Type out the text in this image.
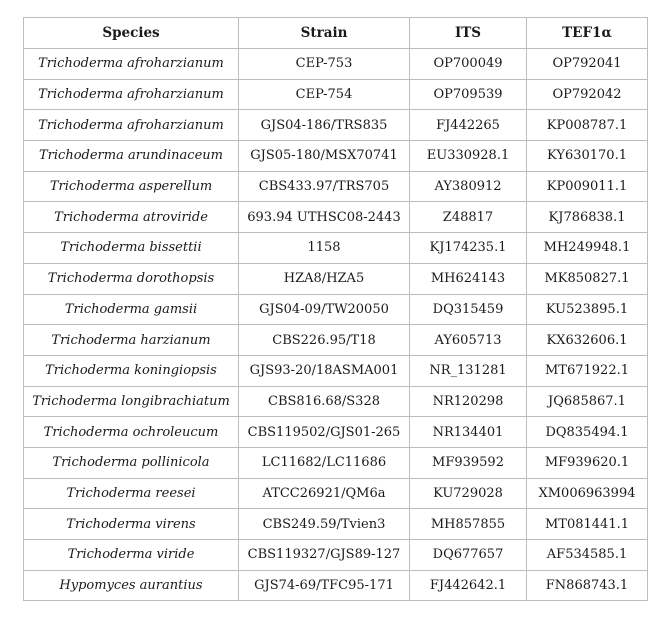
Species	Strain	ITS	TEF1α
Trichoderma afroharzianum	CEP-753	OP700049	OP792041
Trichoderma afroharzianum	CEP-754	OP709539	OP792042
Trichoderma afroharzianum	GJS04-186/TRS835	FJ442265	KP008787.1
Trichoderma arundinaceum	GJS05-180/MSX70741	EU330928.1	KY630170.1
Trichoderma asperellum	CBS433.97/TRS705	AY380912	KP009011.1
Trichoderma atroviride	693.94 UTHSC08-2443	Z48817	KJ786838.1
Trichoderma bissettii	1158	KJ174235.1	MH249948.1
Trichoderma dorothopsis	HZA8/HZA5	MH624143	MK850827.1
Trichoderma gamsii	GJS04-09/TW20050	DQ315459	KU523895.1
Trichoderma harzianum	CBS226.95/T18	AY605713	KX632606.1
Trichoderma koningiopsis	GJS93-20/18ASMA001	NR_131281	MT671922.1
Trichoderma longibrachiatum	CBS816.68/S328	NR120298	JQ685867.1
Trichoderma ochroleucum	CBS119502/GJS01-265	NR134401	DQ835494.1
Trichoderma pollinicola	LC11682/LC11686	MF939592	MF939620.1
Trichoderma reesei	ATCC26921/QM6a	KU729028	XM006963994
Trichoderma virens	CBS249.59/Tvien3	MH857855	MT081441.1
Trichoderma viride	CBS119327/GJS89-127	DQ677657	AF534585.1
Hypomyces aurantius	GJS74-69/TFC95-171	FJ442642.1	FN868743.1
